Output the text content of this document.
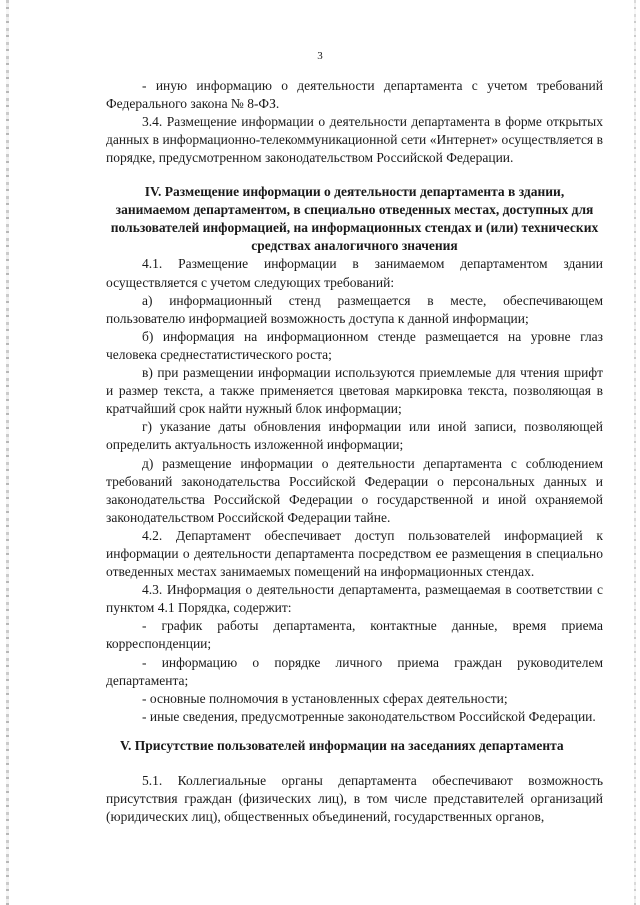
3

- иную информацию о деятельности департамента с учетом требований Федерального закона № 8-ФЗ.

3.4. Размещение информации о деятельности департамента в форме открытых данных в информационно-телекоммуникационной сети «Интернет» осуществляется в порядке, предусмотренном законодательством Российской Федерации.

IV. Размещение информации о деятельности департамента в здании, занимаемом департаментом, в специально отведенных местах, доступных для пользователей информацией, на информационных стендах и (или) технических средствах аналогичного значения

4.1. Размещение информации в занимаемом департаментом здании осуществляется с учетом следующих требований:

а) информационный стенд размещается в месте, обеспечивающем пользователю информацией возможность доступа к данной информации;

б) информация на информационном стенде размещается на уровне глаз человека среднестатистического роста;

в) при размещении информации используются приемлемые для чтения шрифт и размер текста, а также применяется цветовая маркировка текста, позволяющая в кратчайший срок найти нужный блок информации;

г) указание даты обновления информации или иной записи, позволяющей определить актуальность изложенной информации;

д) размещение информации о деятельности департамента с соблюдением требований законодательства Российской Федерации о персональных данных и законодательства Российской Федерации о государственной и иной охраняемой законодательством Российской Федерации тайне.

4.2. Департамент обеспечивает доступ пользователей информацией к информации о деятельности департамента посредством ее размещения в специально отведенных местах занимаемых помещений на информационных стендах.

4.3. Информация о деятельности департамента, размещаемая в соответствии с пунктом 4.1 Порядка, содержит:

- график работы департамента, контактные данные, время приема корреспонденции;

- информацию о порядке личного приема граждан руководителем департамента;

- основные полномочия в установленных сферах деятельности;

- иные сведения, предусмотренные законодательством Российской Федерации.

V. Присутствие пользователей информации на заседаниях департамента

5.1. Коллегиальные органы департамента обеспечивают возможность присутствия граждан (физических лиц), в том числе представителей организаций (юридических лиц), общественных объединений, государственных органов,
